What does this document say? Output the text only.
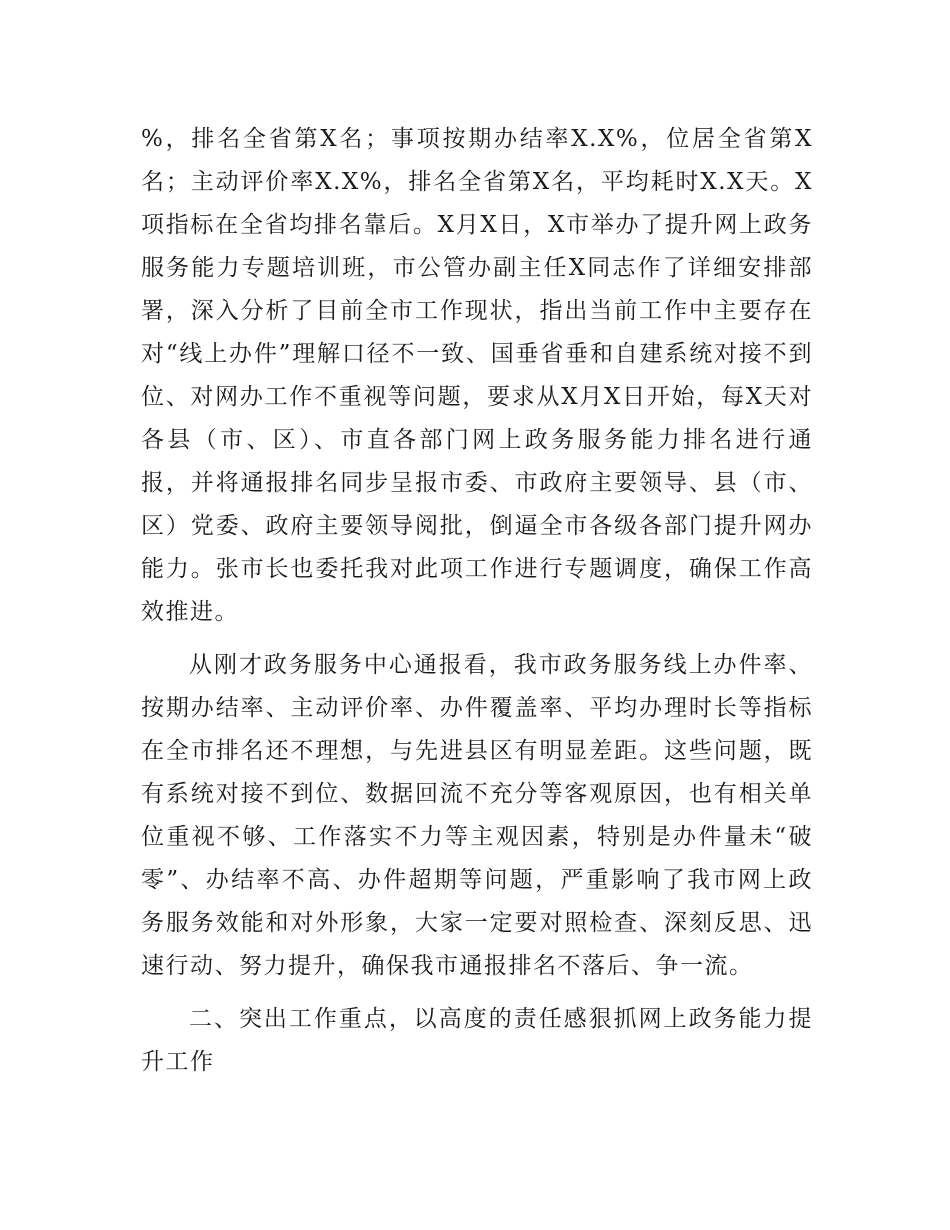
%，排名全省第X名；事项按期办结率X.X%，位居全省第X名；主动评价率X.X%，排名全省第X名，平均耗时X.X天。X项指标在全省均排名靠后。X月X日，X市举办了提升网上政务服务能力专题培训班，市公管办副主任X同志作了详细安排部署，深入分析了目前全市工作现状，指出当前工作中主要存在对“线上办件”理解口径不一致、国垂省垂和自建系统对接不到位、对网办工作不重视等问题，要求从X月X日开始，每X天对各县（市、区）、市直各部门网上政务服务能力排名进行通报，并将通报排名同步呈报市委、市政府主要领导、县（市、区）党委、政府主要领导阅批，倒逼全市各级各部门提升网办能力。张市长也委托我对此项工作进行专题调度，确保工作高效推进。

从刚才政务服务中心通报看，我市政务服务线上办件率、按期办结率、主动评价率、办件覆盖率、平均办理时长等指标在全市排名还不理想，与先进县区有明显差距。这些问题，既有系统对接不到位、数据回流不充分等客观原因，也有相关单位重视不够、工作落实不力等主观因素，特别是办件量未“破零”、办结率不高、办件超期等问题，严重影响了我市网上政务服务效能和对外形象，大家一定要对照检查、深刻反思、迅速行动、努力提升，确保我市通报排名不落后、争一流。

二、突出工作重点，以高度的责任感狠抓网上政务能力提升工作
